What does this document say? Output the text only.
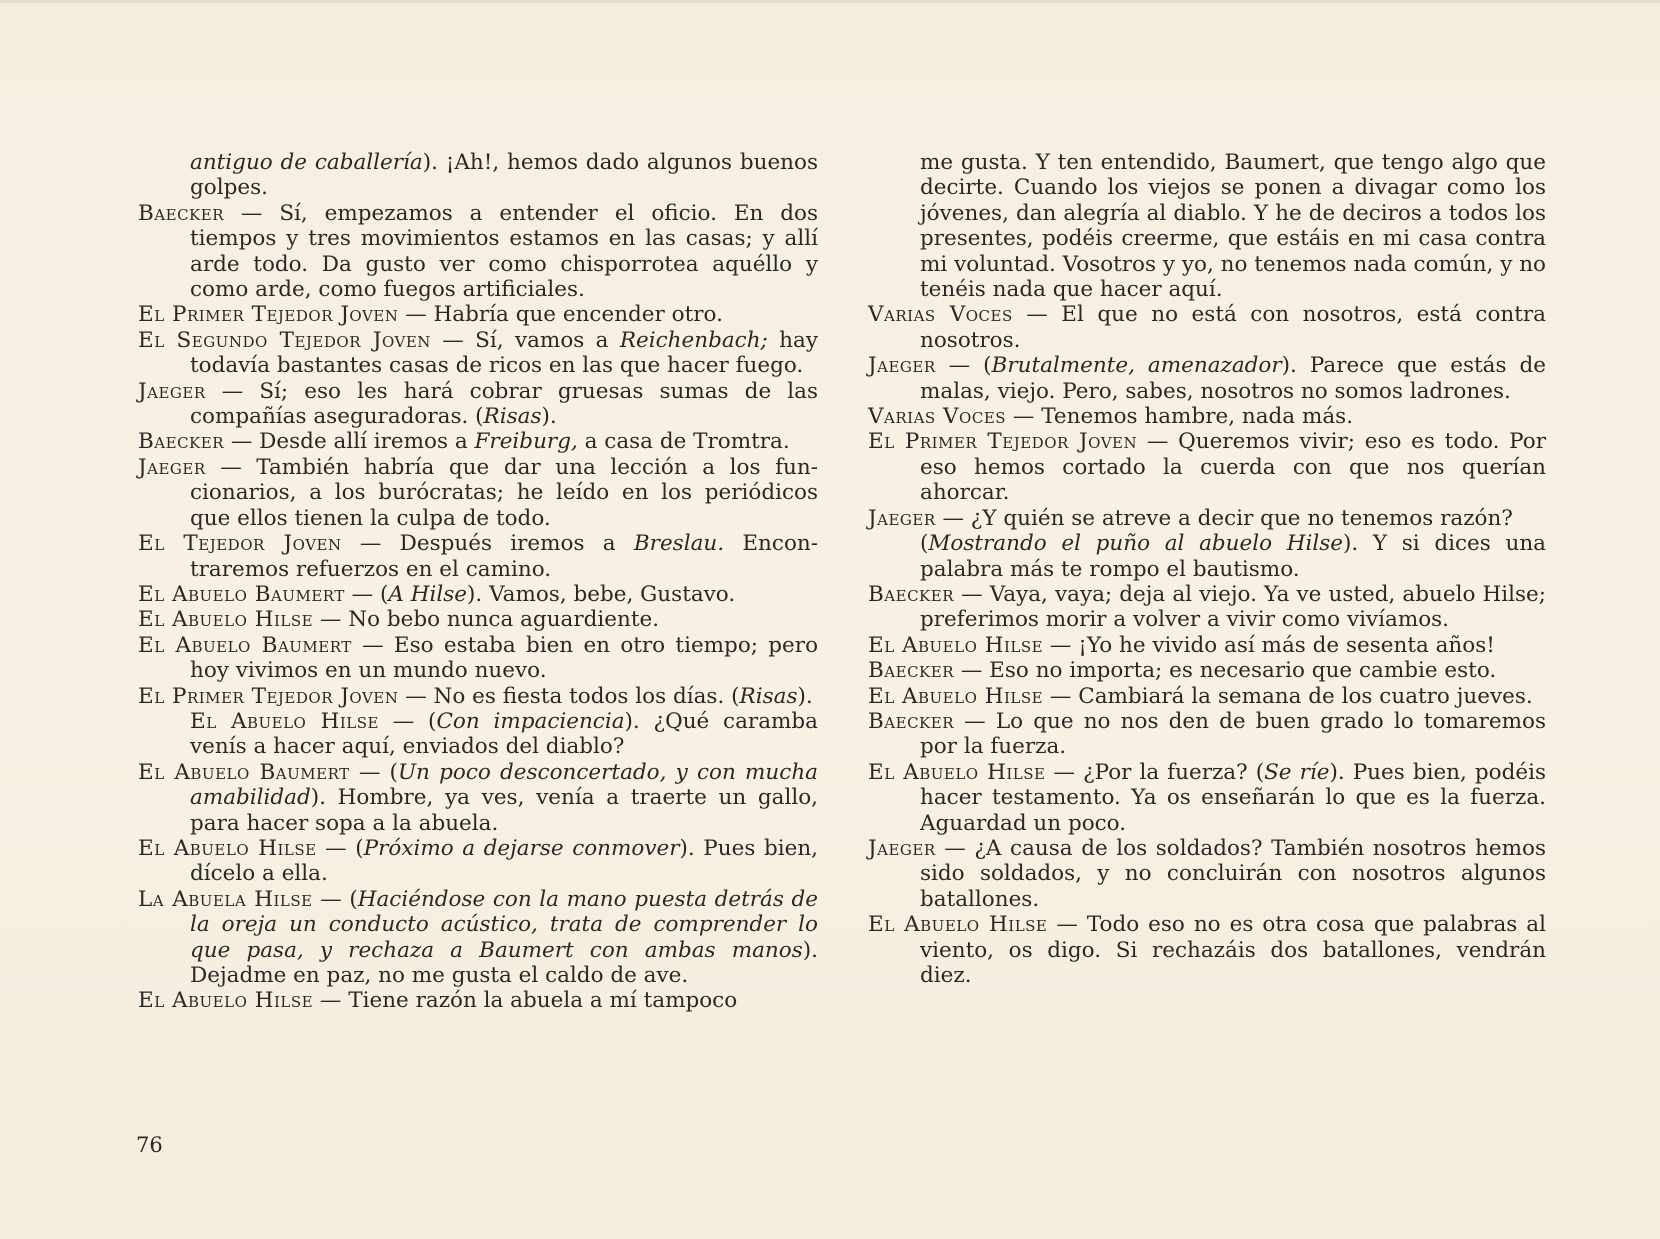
antiguo de caballería). ¡Ah!, hemos dado algunos buenos golpes.

Baecker — Sí, empezamos a entender el oficio. En dos tiempos y tres movimientos estamos en las casas; y allí arde todo. Da gusto ver como chisporrotea aquéllo y como arde, como fuegos artificiales.

El Primer Tejedor Joven — Habría que encender otro.

El Segundo Tejedor Joven — Sí, vamos a Reichenbach; hay todavía bastantes casas de ricos en las que hacer fuego.

Jaeger — Sí; eso les hará cobrar gruesas sumas de las compañías aseguradoras. (Risas).

Baecker — Desde allí iremos a Freiburg, a casa de Tromtra.

Jaeger — También habría que dar una lección a los funcionarios, a los burócratas; he leído en los periódicos que ellos tienen la culpa de todo.

El Tejedor Joven — Después iremos a Breslau. Encontraremos refuerzos en el camino.

El Abuelo Baumert — (A Hilse). Vamos, bebe, Gustavo.

El Abuelo Hilse — No bebo nunca aguardiente.

El Abuelo Baumert — Eso estaba bien en otro tiempo; pero hoy vivimos en un mundo nuevo.

El Primer Tejedor Joven — No es fiesta todos los días. (Risas).

El Abuelo Hilse — (Con impaciencia). ¿Qué caramba venís a hacer aquí, enviados del diablo?

El Abuelo Baumert — (Un poco desconcertado, y con mucha amabilidad). Hombre, ya ves, venía a traerte un gallo, para hacer sopa a la abuela.

El Abuelo Hilse — (Próximo a dejarse conmover). Pues bien, dícelo a ella.

La Abuela Hilse — (Haciéndose con la mano puesta detrás de la oreja un conducto acústico, trata de comprender lo que pasa, y rechaza a Baumert con ambas manos). Dejadme en paz, no me gusta el caldo de ave.

El Abuelo Hilse — Tiene razón la abuela a mí tampoco

me gusta. Y ten entendido, Baumert, que tengo algo que decirte. Cuando los viejos se ponen a divagar como los jóvenes, dan alegría al diablo. Y he de deciros a todos los presentes, podéis creerme, que estáis en mi casa contra mi voluntad. Vosotros y yo, no tenemos nada común, y no tenéis nada que hacer aquí.

Varias Voces — El que no está con nosotros, está contra nosotros.

Jaeger — (Brutalmente, amenazador). Parece que estás de malas, viejo. Pero, sabes, nosotros no somos ladrones.

Varias Voces — Tenemos hambre, nada más.

El Primer Tejedor Joven — Queremos vivir; eso es todo. Por eso hemos cortado la cuerda con que nos querían ahorcar.

Jaeger — ¿Y quién se atreve a decir que no tenemos razón?

(Mostrando el puño al abuelo Hilse). Y si dices una palabra más te rompo el bautismo.

Baecker — Vaya, vaya; deja al viejo. Ya ve usted, abuelo Hilse; preferimos morir a volver a vivir como vivíamos.

El Abuelo Hilse — ¡Yo he vivido así más de sesenta años!

Baecker — Eso no importa; es necesario que cambie esto.

El Abuelo Hilse — Cambiará la semana de los cuatro jueves.

Baecker — Lo que no nos den de buen grado lo tomaremos por la fuerza.

El Abuelo Hilse — ¿Por la fuerza? (Se ríe). Pues bien, podéis hacer testamento. Ya os enseñarán lo que es la fuerza. Aguardad un poco.

Jaeger — ¿A causa de los soldados? También nosotros hemos sido soldados, y no concluirán con nosotros algunos batallones.

El Abuelo Hilse — Todo eso no es otra cosa que palabras al viento, os digo. Si rechazáis dos batallones, vendrán diez.

76
